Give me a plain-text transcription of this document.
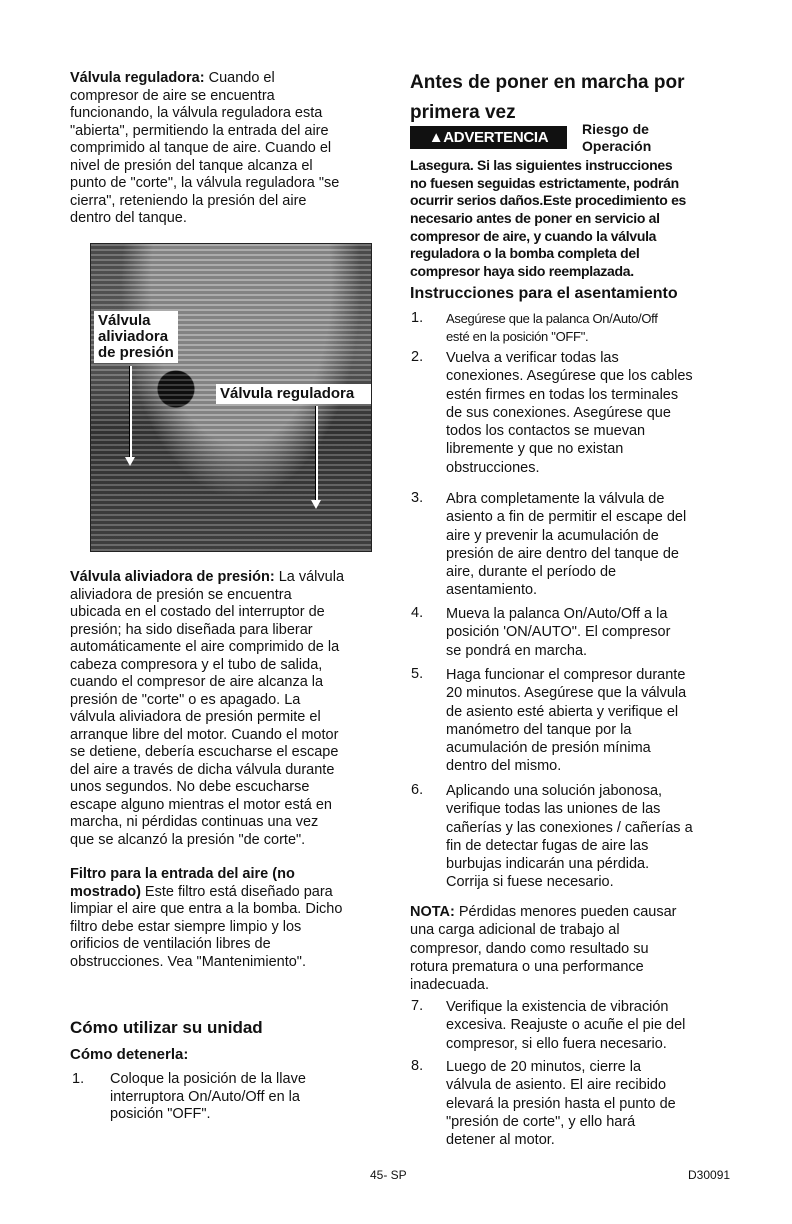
Válvula reguladora: Cuando el
compresor de aire se encuentra
funcionando, la válvula reguladora esta
"abierta", permitiendo la entrada del aire
comprimido al tanque de aire. Cuando el
nivel de presión del tanque alcanza el
punto de "corte", la válvula reguladora "se
cierra", reteniendo la presión del aire
dentro del tanque.
Válvula
aliviadora
de presión
Válvula reguladora
Válvula aliviadora de presión: La válvula
aliviadora de presión se encuentra
ubicada en el costado del interruptor de
presión; ha sido diseñada para liberar
automáticamente el aire comprimido de la
cabeza compresora y el tubo de salida,
cuando el compresor de aire alcanza la
presión de "corte" o es apagado. La
válvula aliviadora de presión permite el
arranque libre del motor. Cuando el motor
se detiene, debería escucharse el escape
del aire a través de dicha válvula durante
unos segundos. No debe escucharse
escape alguno mientras el motor está en
marcha, ni pérdidas continuas una vez
que se alcanzó la presión "de corte".
Filtro para la entrada del aire (no
mostrado) Este filtro está diseñado para
limpiar el aire que entra a la bomba. Dicho
filtro debe estar siempre limpio y los
orificios de ventilación libres de
obstrucciones. Vea "Mantenimiento".
Cómo utilizar su unidad
Cómo detenerla:
1. Coloque la posición de la llave
interruptora On/Auto/Off en la
posición "OFF".
Antes de poner en marcha por
primera vez
▲ADVERTENCIA	Riesgo de
Operación
Lasegura. Si las siguientes instrucciones
no fuesen seguidas estrictamente, podrán
ocurrir serios daños.Este procedimiento es
necesario antes de poner en servicio al
compresor de aire, y cuando la válvula
reguladora o la bomba completa del
compresor haya sido reemplazada.
Instrucciones para el asentamiento
1. Asegúrese que la palanca On/Auto/Off
esté en la posición "OFF".
2. Vuelva a verificar todas las
conexiones. Asegúrese que los cables
estén firmes en todas los terminales
de sus conexiones. Asegúrese que
todos los contactos se muevan
libremente y que no existan
obstrucciones.
3. Abra completamente la válvula de
asiento a fin de permitir el escape del
aire y prevenir la acumulación de
presión de aire dentro del tanque de
aire, durante el período de
asentamiento.
4. Mueva la palanca On/Auto/Off a la
posición 'ON/AUTO". El compresor
se pondrá en marcha.
5. Haga funcionar el compresor durante
20 minutos. Asegúrese que la válvula
de asiento esté abierta y verifique el
manómetro del tanque por la
acumulación de presión mínima
dentro del mismo.
6. Aplicando una solución jabonosa,
verifique todas las uniones de las
cañerías y las conexiones / cañerías a
fin de detectar fugas de aire las
burbujas indicarán una pérdida.
Corrija si fuese necesario.
7. Verifique la existencia de vibración
excesiva. Reajuste o acuñe el pie del
compresor, si ello fuera necesario.
8. Luego de 20 minutos, cierre la
válvula de asiento. El aire recibido
elevará la presión hasta el punto de
"presión de corte", y ello hará
detener al motor.
NOTA: Pérdidas menores pueden causar
una carga adicional de trabajo al
compresor, dando como resultado su
rotura prematura o una performance
inadecuada.
45- SP	D30091
